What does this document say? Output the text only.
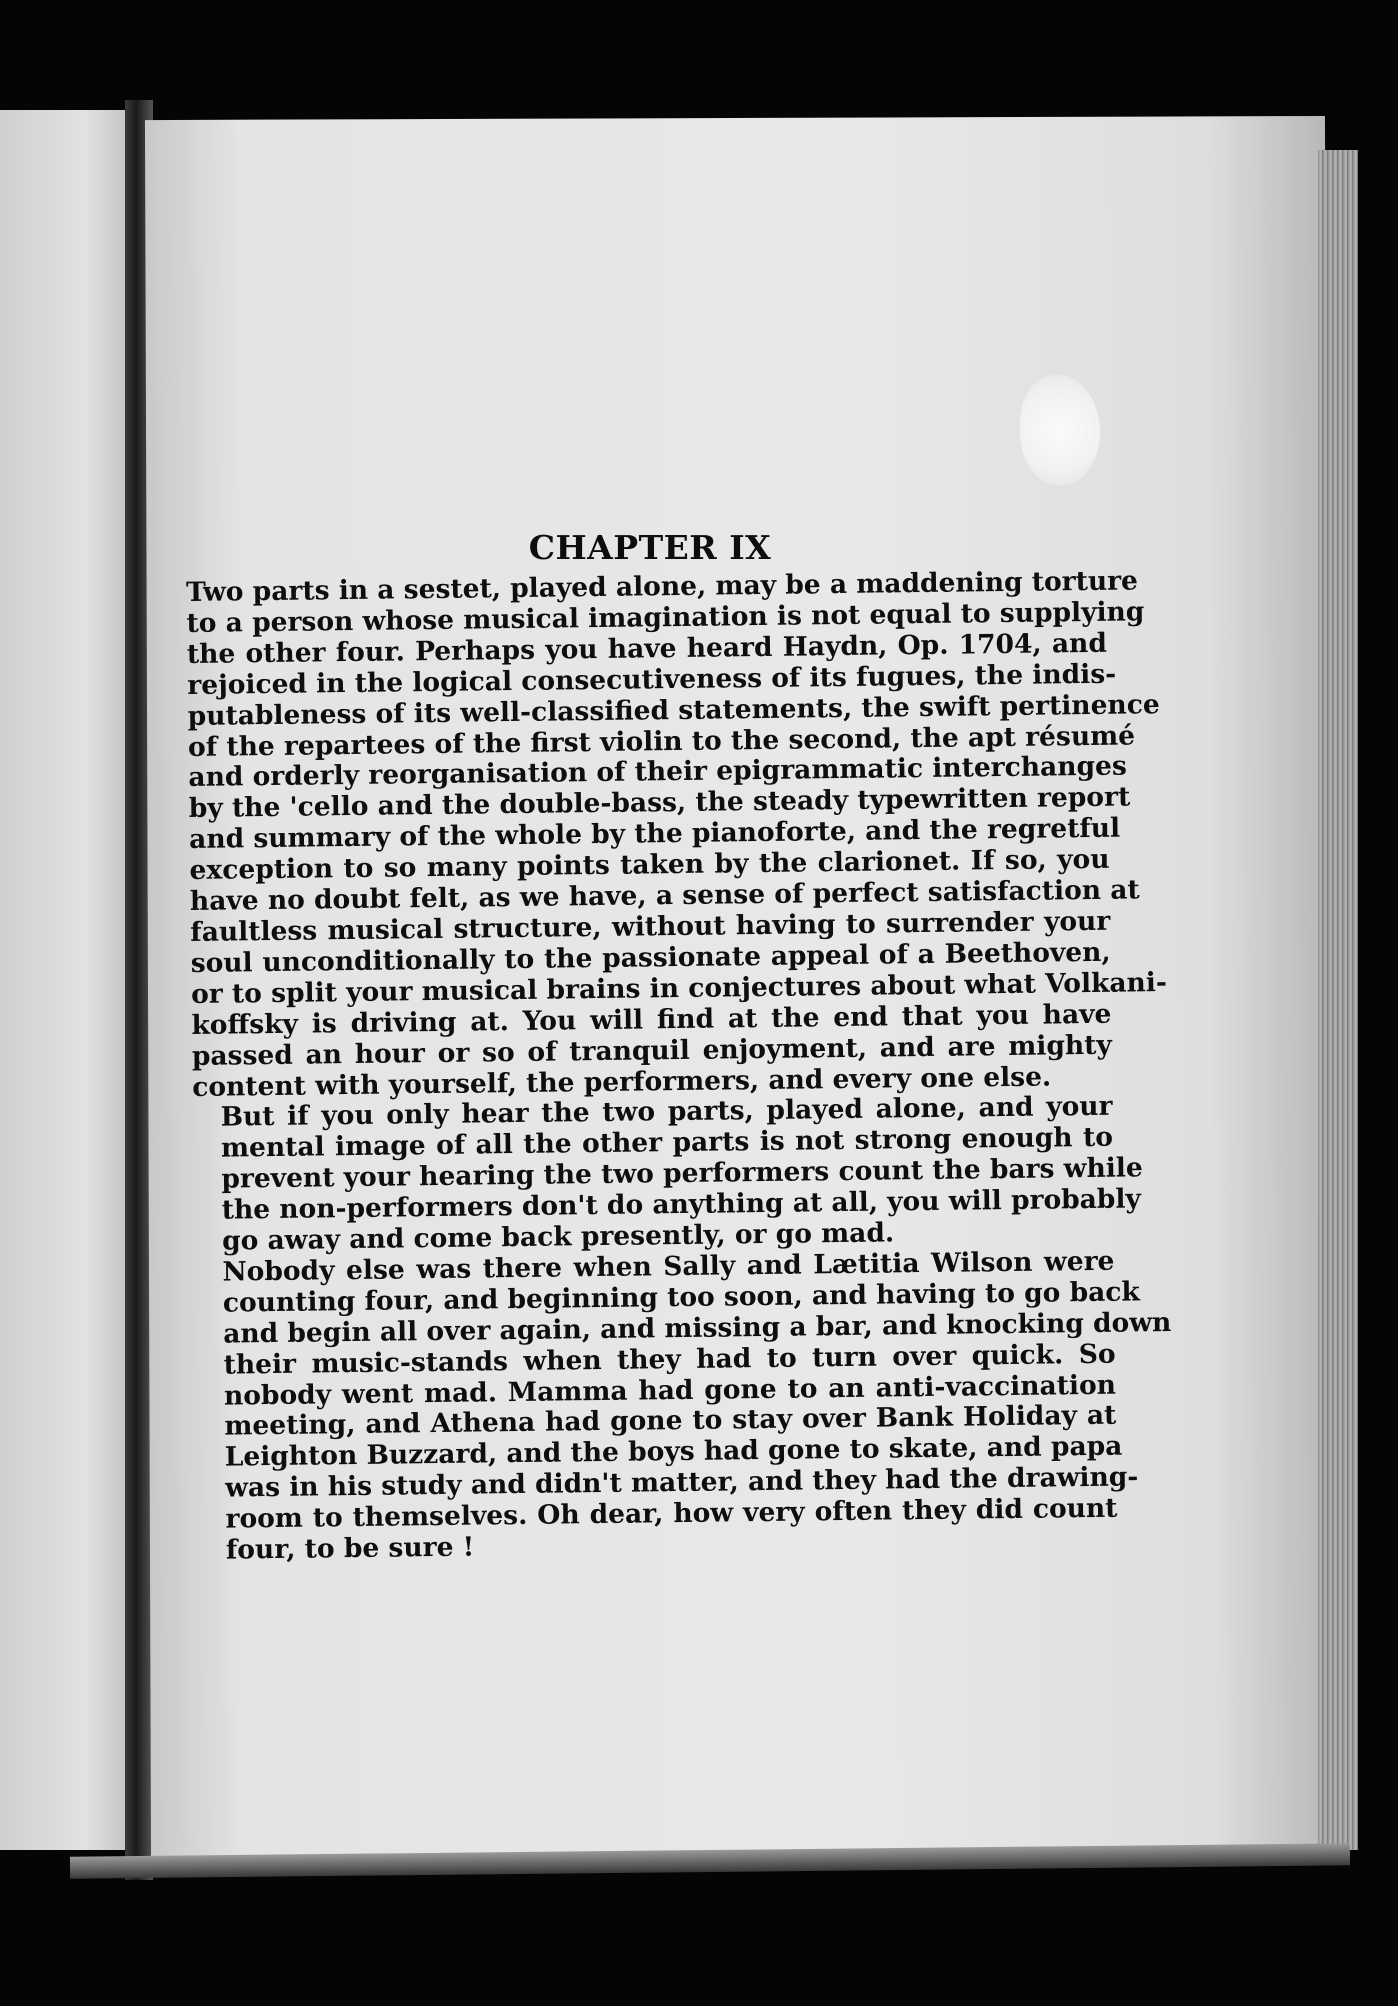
CHAPTER IX

Two parts in a sestet, played alone, may be a maddening torture
to a person whose musical imagination is not equal to supplying
the other four. Perhaps you have heard Haydn, Op. 1704, and
rejoiced in the logical consecutiveness of its fugues, the indis-
putableness of its well-classified statements, the swift pertinence
of the repartees of the first violin to the second, the apt résumé
and orderly reorganisation of their epigrammatic interchanges
by the 'cello and the double-bass, the steady typewritten report
and summary of the whole by the pianoforte, and the regretful
exception to so many points taken by the clarionet. If so, you
have no doubt felt, as we have, a sense of perfect satisfaction at
faultless musical structure, without having to surrender your
soul unconditionally to the passionate appeal of a Beethoven,
or to split your musical brains in conjectures about what Volkani-
koffsky is driving at. You will find at the end that you have
passed an hour or so of tranquil enjoyment, and are mighty
content with yourself, the performers, and every one else.

But if you only hear the two parts, played alone, and your
mental image of all the other parts is not strong enough to
prevent your hearing the two performers count the bars while
the non-performers don't do anything at all, you will probably
go away and come back presently, or go mad.

Nobody else was there when Sally and Lætitia Wilson were
counting four, and beginning too soon, and having to go back
and begin all over again, and missing a bar, and knocking down
their music-stands when they had to turn over quick. So
nobody went mad. Mamma had gone to an anti-vaccination
meeting, and Athena had gone to stay over Bank Holiday at
Leighton Buzzard, and the boys had gone to skate, and papa
was in his study and didn't matter, and they had the drawing-
room to themselves. Oh dear, how very often they did count
four, to be sure !
